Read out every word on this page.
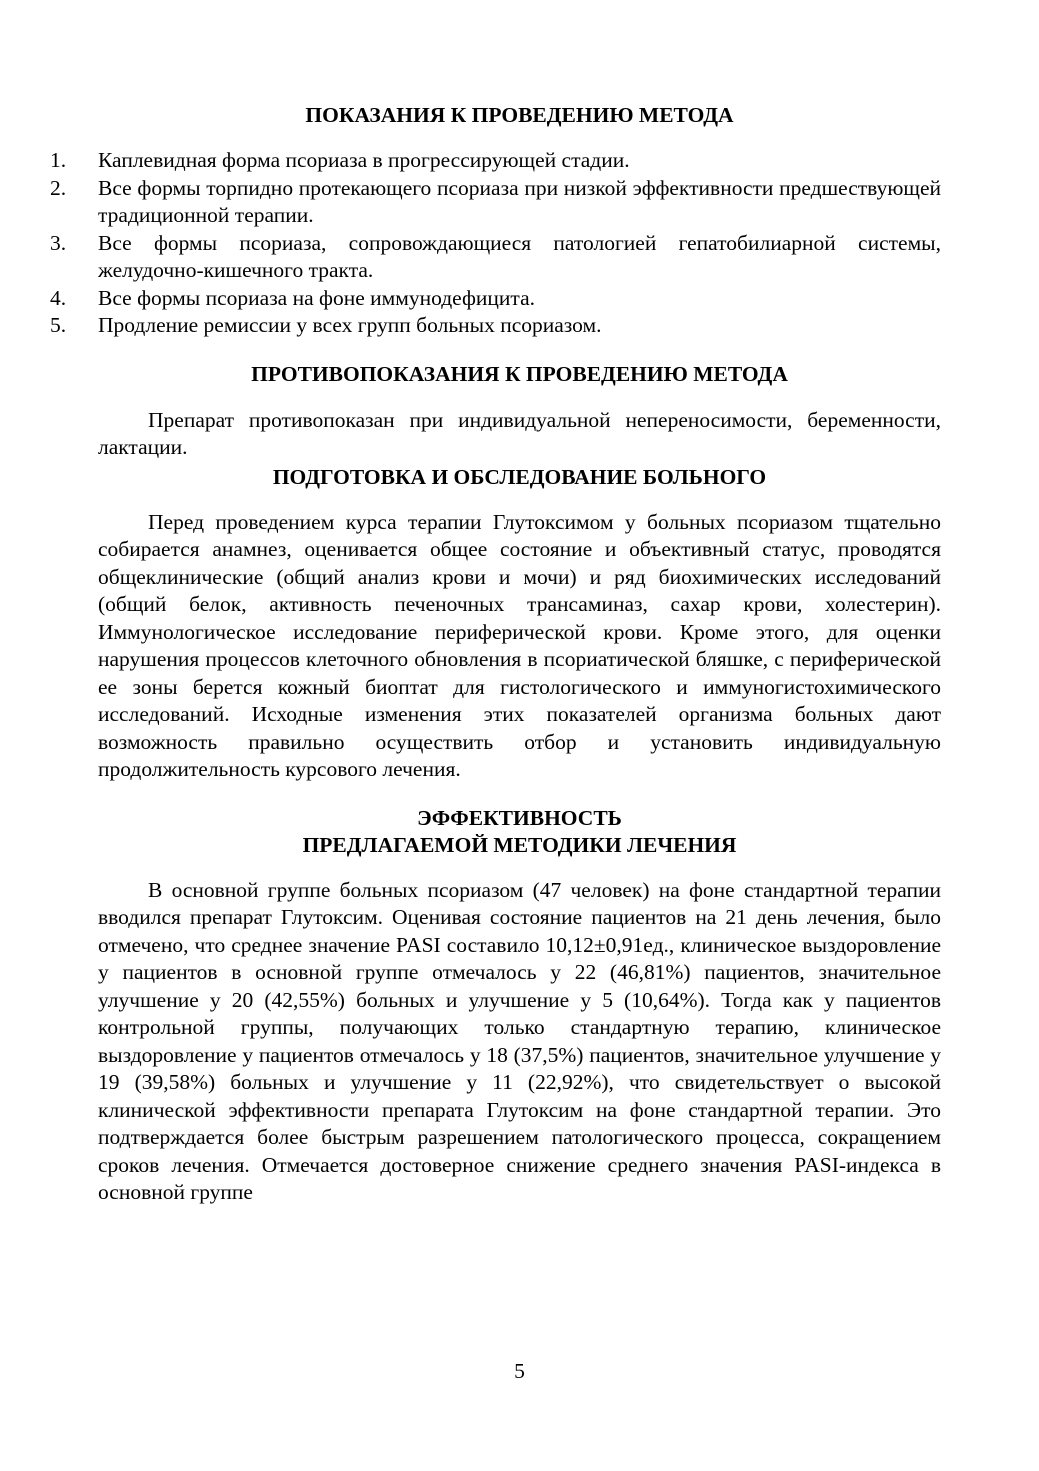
ПОКАЗАНИЯ К ПРОВЕДЕНИЮ МЕТОДА
1. Каплевидная форма псориаза в прогрессирующей стадии.
2. Все формы торпидно протекающего псориаза при низкой эффективности предшествующей традиционной терапии.
3. Все формы псориаза, сопровождающиеся патологией гепатобилиарной системы, желудочно-кишечного тракта.
4. Все формы псориаза на фоне иммунодефицита.
5. Продление ремиссии у всех групп больных псориазом.
ПРОТИВОПОКАЗАНИЯ К ПРОВЕДЕНИЮ МЕТОДА

Препарат противопоказан при индивидуальной непереносимости, беременности, лактации.

ПОДГОТОВКА И ОБСЛЕДОВАНИЕ БОЛЬНОГО

Перед проведением курса терапии Глутоксимом у больных псориазом тщательно собирается анамнез, оценивается общее состояние и объективный статус, проводятся общеклинические (общий анализ крови и мочи) и ряд биохимических исследований (общий белок, активность печеночных трансаминаз, сахар крови, холестерин). Иммунологическое исследование периферической крови. Кроме этого, для оценки нарушения процессов клеточного обновления в псориатической бляшке, с периферической ее зоны берется кожный биоптат для гистологического и иммуногистохимического исследований. Исходные изменения этих показателей организма больных дают возможность правильно осуществить отбор и установить индивидуальную продолжительность курсового лечения.

ЭФФЕКТИВНОСТЬ
ПРЕДЛАГАЕМОЙ МЕТОДИКИ ЛЕЧЕНИЯ

В основной группе больных псориазом (47 человек) на фоне стандартной терапии вводился препарат Глутоксим. Оценивая состояние пациентов на 21 день лечения, было отмечено, что среднее значение PASI составило 10,12±0,91ед., клиническое выздоровление у пациентов в основной группе отмечалось у 22 (46,81%) пациентов, значительное улучшение у 20 (42,55%) больных и улучшение у 5 (10,64%). Тогда как у пациентов контрольной группы, получающих только стандартную терапию, клиническое выздоровление у пациентов отмечалось у 18 (37,5%) пациентов, значительное улучшение у 19 (39,58%) больных и улучшение у 11 (22,92%), что свидетельствует о высокой клинической эффективности препарата Глутоксим на фоне стандартной терапии. Это подтверждается более быстрым разрешением патологического процесса, сокращением сроков лечения. Отмечается достоверное снижение среднего значения PASI-индекса в основной группе

5
